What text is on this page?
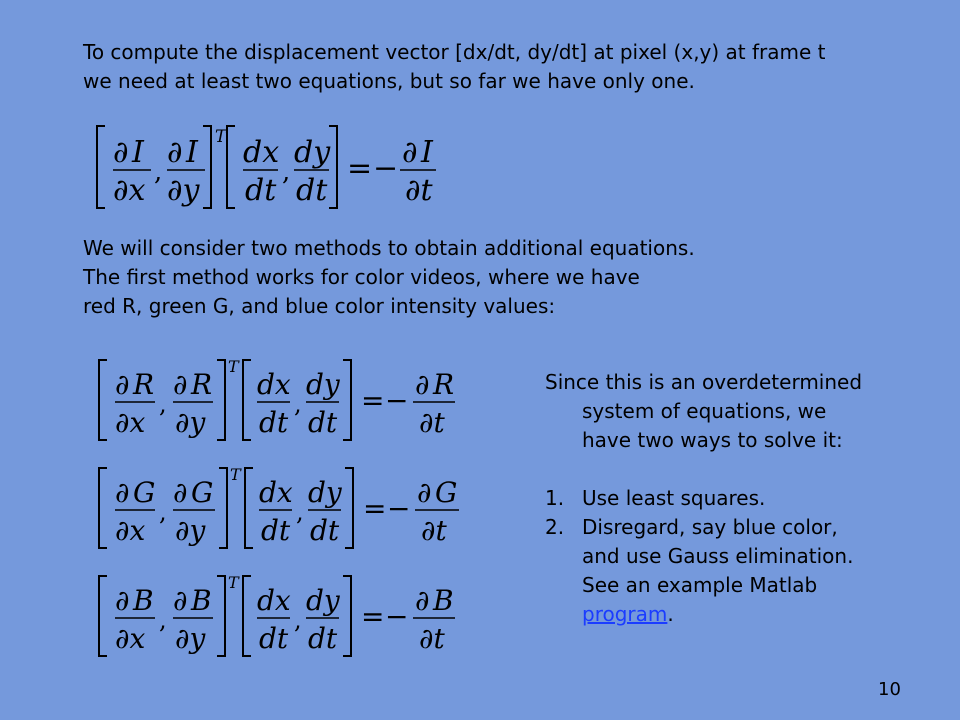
To compute the displacement vector [dx/dt, dy/dt] at pixel (x,y) at frame t
we need at least two equations, but so far we have only one.
∂ I
∂x
,
∂ I
∂y
T dx
dt
,
dy
dt
= − ∂ I
∂t
We will consider two methods to obtain additional equations.
The first method works for color videos, where we have
red R, green G, and blue color intensity values:
∂ R
∂x
,
∂ R
∂y
T
dx
dt
,
dy
dt
= − ∂ R
∂t
∂ G
∂x
,
∂ G
∂y
T
dx
dt
,
dy
dt
= − ∂ G
∂t
∂ B
∂x
,
∂ B
∂y
T
dx
dt
,
dy
dt
= − ∂ B
∂t
Since this is an overdetermined
system of equations, we
have two ways to solve it:
1. Use least squares.
2. Disregard, say blue color,
and use Gauss elimination.
See an example Matlab
program.
10
